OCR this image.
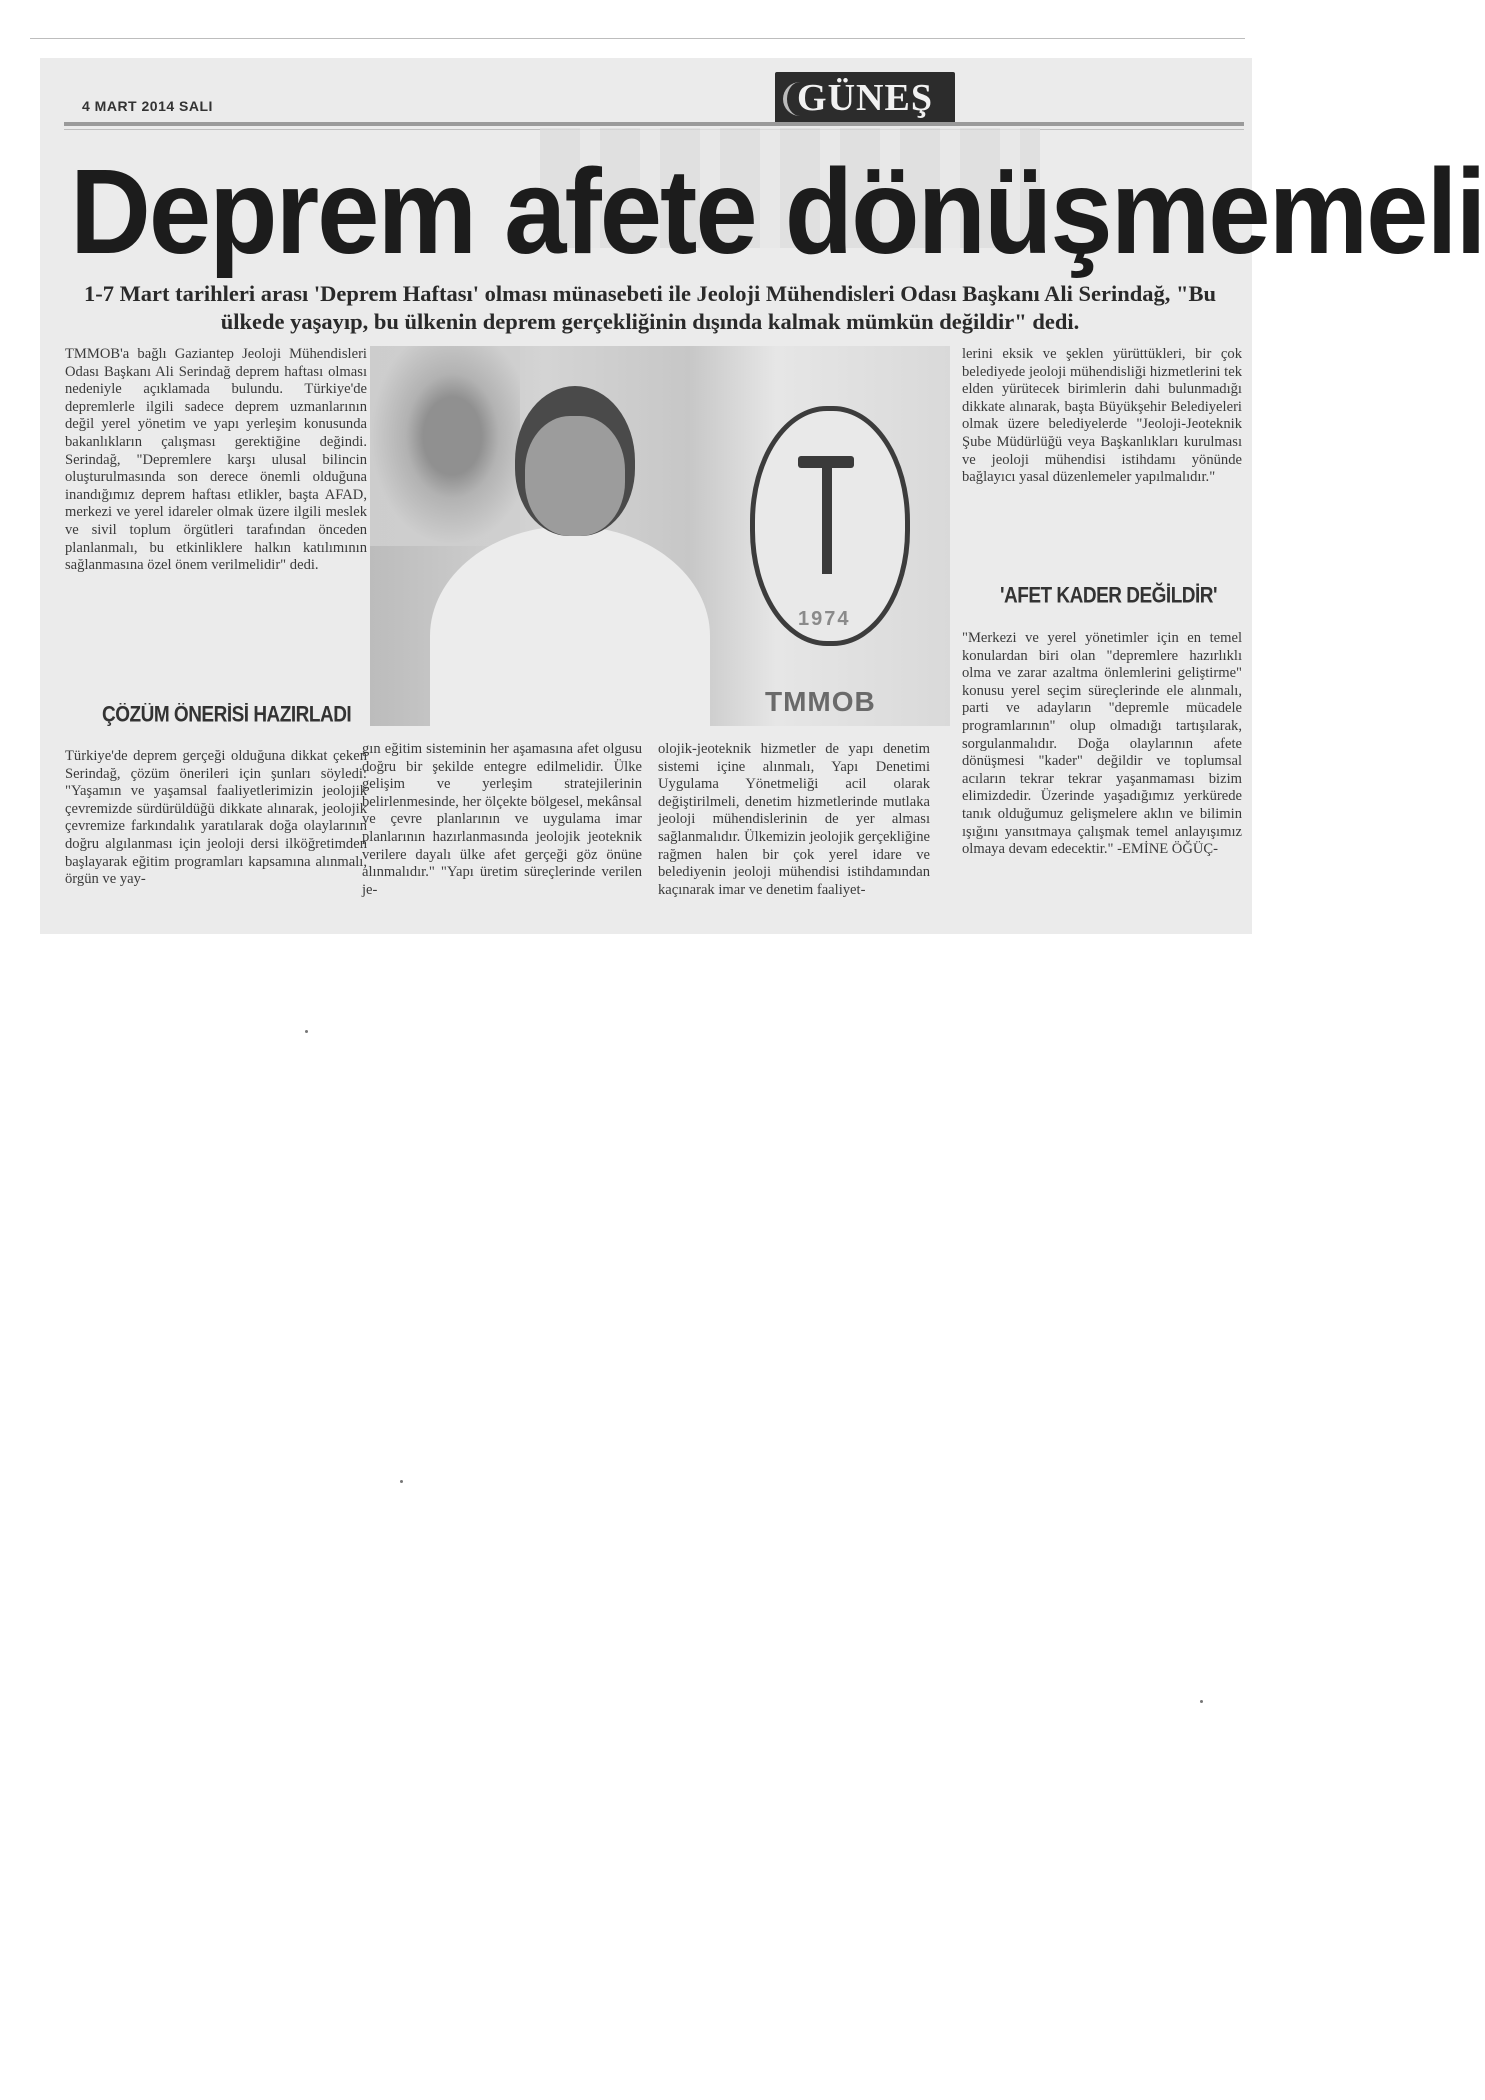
4 MART 2014 SALI	GÜNEŞ
Deprem afete dönüşmemeli
1-7 Mart tarihleri arası 'Deprem Haftası' olması münasebeti ile Jeoloji Mühendisleri Odası Başkanı Ali Serindağ, "Bu ülkede yaşayıp, bu ülkenin deprem gerçekliğinin dışında kalmak mümkün değildir" dedi.

TMMOB'a bağlı Gaziantep Jeoloji Mühendisleri Odası Başkanı Ali Serindağ deprem haftası olması nedeniyle açıklamada bulundu. Türkiye'de depremlerle ilgili sadece deprem uzmanlarının değil yerel yönetim ve yapı yerleşim konusunda bakanlıkların çalışması gerektiğine değindi. Serindağ, "Depremlere karşı ulusal bilincin oluşturulmasında son derece önemli olduğuna inandığımız deprem haftası etlikler, başta AFAD, merkezi ve yerel idareler olmak üzere ilgili meslek ve sivil toplum örgütleri tarafından önceden planlanmalı, bu etkinliklere halkın katılımının sağlanmasına özel önem verilmelidir" dedi.

ÇÖZÜM ÖNERİSİ HAZIRLADI

Türkiye'de deprem gerçeği olduğuna dikkat çeken Serindağ, çözüm önerileri için şunları söyledi: "Yaşamın ve yaşamsal faaliyetlerimizin jeolojik çevremizde sürdürüldüğü dikkate alınarak, jeolojik çevremize farkındalık yaratılarak doğa olaylarının doğru algılanması için jeoloji dersi ilköğretimden başlayarak eğitim programları kapsamına alınmalı, örgün ve yay-

1974
TMMOB

gın eğitim sisteminin her aşamasına afet olgusu doğru bir şekilde entegre edilmelidir. Ülke gelişim ve yerleşim stratejilerinin belirlenmesinde, her ölçekte bölgesel, mekânsal ve çevre planlarının ve uygulama imar planlarının hazırlanmasında jeolojik jeoteknik verilere dayalı ülke afet gerçeği göz önüne alınmalıdır." "Yapı üretim süreçlerinde verilen je-

olojik-jeoteknik hizmetler de yapı denetim sistemi içine alınmalı, Yapı Denetimi Uygulama Yönetmeliği acil olarak değiştirilmeli, denetim hizmetlerinde mutlaka jeoloji mühendislerinin de yer alması sağlanmalıdır. Ülkemizin jeolojik gerçekliğine rağmen halen bir çok yerel idare ve belediyenin jeoloji mühendisi istihdamından kaçınarak imar ve denetim faaliyet-

lerini eksik ve şeklen yürüttükleri, bir çok belediyede jeoloji mühendisliği hizmetlerini tek elden yürütecek birimlerin dahi bulunmadığı dikkate alınarak, başta Büyükşehir Belediyeleri olmak üzere belediyelerde "Jeoloji-Jeoteknik Şube Müdürlüğü veya Başkanlıkları kurulması ve jeoloji mühendisi istihdamı yönünde bağlayıcı yasal düzenlemeler yapılmalıdır."

'AFET KADER DEĞİLDİR'

"Merkezi ve yerel yönetimler için en temel konulardan biri olan "depremlere hazırlıklı olma ve zarar azaltma önlemlerini geliştirme" konusu yerel seçim süreçlerinde ele alınmalı, parti ve adayların "depremle mücadele programlarının" olup olmadığı tartışılarak, sorgulanmalıdır. Doğa olaylarının afete dönüşmesi "kader" değildir ve toplumsal acıların tekrar tekrar yaşanmaması bizim elimizdedir. Üzerinde yaşadığımız yerkürede tanık olduğumuz gelişmelere aklın ve bilimin ışığını yansıtmaya çalışmak temel anlayışımız olmaya devam edecektir." -EMİNE ÖĞÜÇ-
